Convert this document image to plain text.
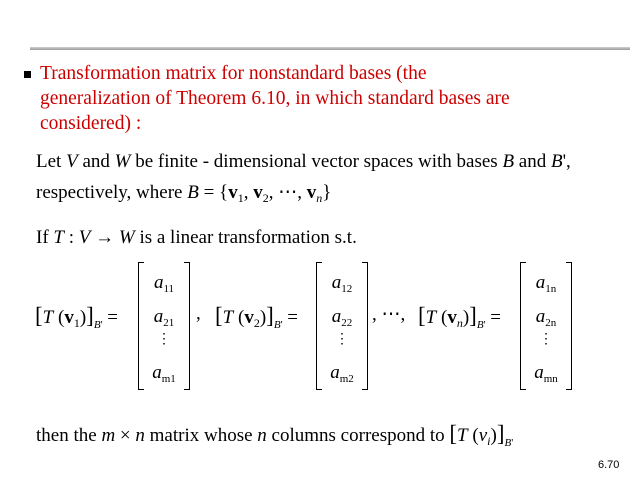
Transformation matrix for nonstandard bases (the
generalization of Theorem 6.10, in which standard bases are
considered) :
Let V and W be finite - dimensional vector spaces with bases B and B',
respectively, where $B = \{v_1$, $v_2$, ⋯, $v_n$}
If T : V → W is a linear transformation s.t.
[T $(v_1)]_{B'}$ =
$a_{11}$
$a_{21}$
⋮
$a_{m1}$
, [T $(v_2)]_{B'}$ =
$a_{12}$
$a_{22}$
⋮
$a_{m2}$
, ⋯, [T $(v_n)]_{B'}$ =
$a_{1n}$
$a_{2n}$
⋮
$a_{mn}$
then the m × n matrix whose n columns correspond to [T $(v_i)]_{B'}$
6.70
